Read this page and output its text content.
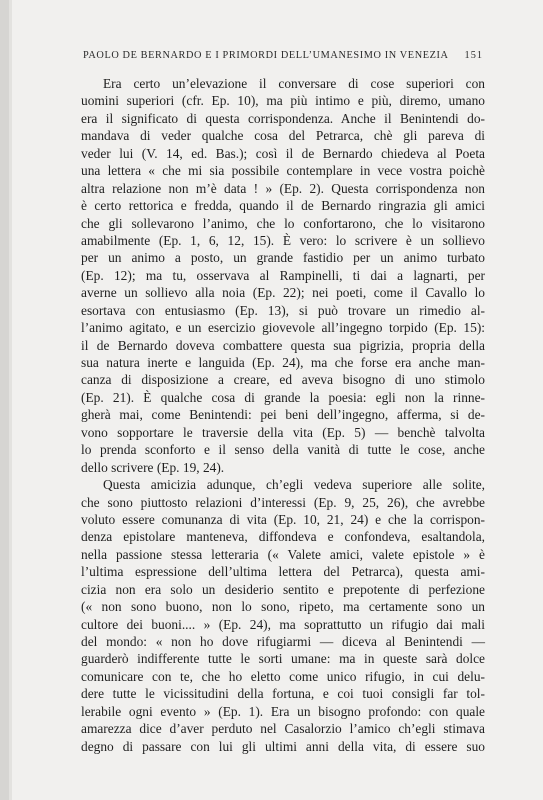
PAOLO DE BERNARDO E I PRIMORDI DELL’UMANESIMO IN VENEZIA 151
Era certo un’elevazione il conversare di cose superiori con
uomini superiori (cfr. Ep. 10), ma più intimo e più, diremo, umano
era il significato di questa corrispondenza. Anche il Benintendi do-
mandava di veder qualche cosa del Petrarca, chè gli pareva di
veder lui (V. 14, ed. Bas.); così il de Bernardo chiedeva al Poeta
una lettera « che mi sia possibile contemplare in vece vostra poichè
altra relazione non m’è data ! » (Ep. 2). Questa corrispondenza non
è certo rettorica e fredda, quando il de Bernardo ringrazia gli amici
che gli sollevarono l’animo, che lo confortarono, che lo visitarono
amabilmente (Ep. 1, 6, 12, 15). È vero: lo scrivere è un sollievo
per un animo a posto, un grande fastidio per un animo turbato
(Ep. 12); ma tu, osservava al Rampinelli, ti dai a lagnarti, per
averne un sollievo alla noia (Ep. 22); nei poeti, come il Cavallo lo
esortava con entusiasmo (Ep. 13), si può trovare un rimedio al-
l’animo agitato, e un esercizio giovevole all’ingegno torpido (Ep. 15):
il de Bernardo doveva combattere questa sua pigrizia, propria della
sua natura inerte e languida (Ep. 24), ma che forse era anche man-
canza di disposizione a creare, ed aveva bisogno di uno stimolo
(Ep. 21). È qualche cosa di grande la poesia: egli non la rinne-
gherà mai, come Benintendi: pei beni dell’ingegno, afferma, si de-
vono sopportare le traversie della vita (Ep. 5) — benchè talvolta
lo prenda sconforto e il senso della vanità di tutte le cose, anche
dello scrivere (Ep. 19, 24).
Questa amicizia adunque, ch’egli vedeva superiore alle solite,
che sono piuttosto relazioni d’interessi (Ep. 9, 25, 26), che avrebbe
voluto essere comunanza di vita (Ep. 10, 21, 24) e che la corrispon-
denza epistolare manteneva, diffondeva e confondeva, esaltandola,
nella passione stessa letteraria (« Valete amici, valete epistole » è
l’ultima espressione dell’ultima lettera del Petrarca), questa ami-
cizia non era solo un desiderio sentito e prepotente di perfezione
(« non sono buono, non lo sono, ripeto, ma certamente sono un
cultore dei buoni.... » (Ep. 24), ma soprattutto un rifugio dai mali
del mondo: « non ho dove rifugiarmi — diceva al Benintendi —
guarderò indifferente tutte le sorti umane: ma in queste sarà dolce
comunicare con te, che ho eletto come unico rifugio, in cui delu-
dere tutte le vicissitudini della fortuna, e coi tuoi consigli far tol-
lerabile ogni evento » (Ep. 1). Era un bisogno profondo: con quale
amarezza dice d’aver perduto nel Casalorzio l’amico ch’egli stimava
degno di passare con lui gli ultimi anni della vita, di essere suo
